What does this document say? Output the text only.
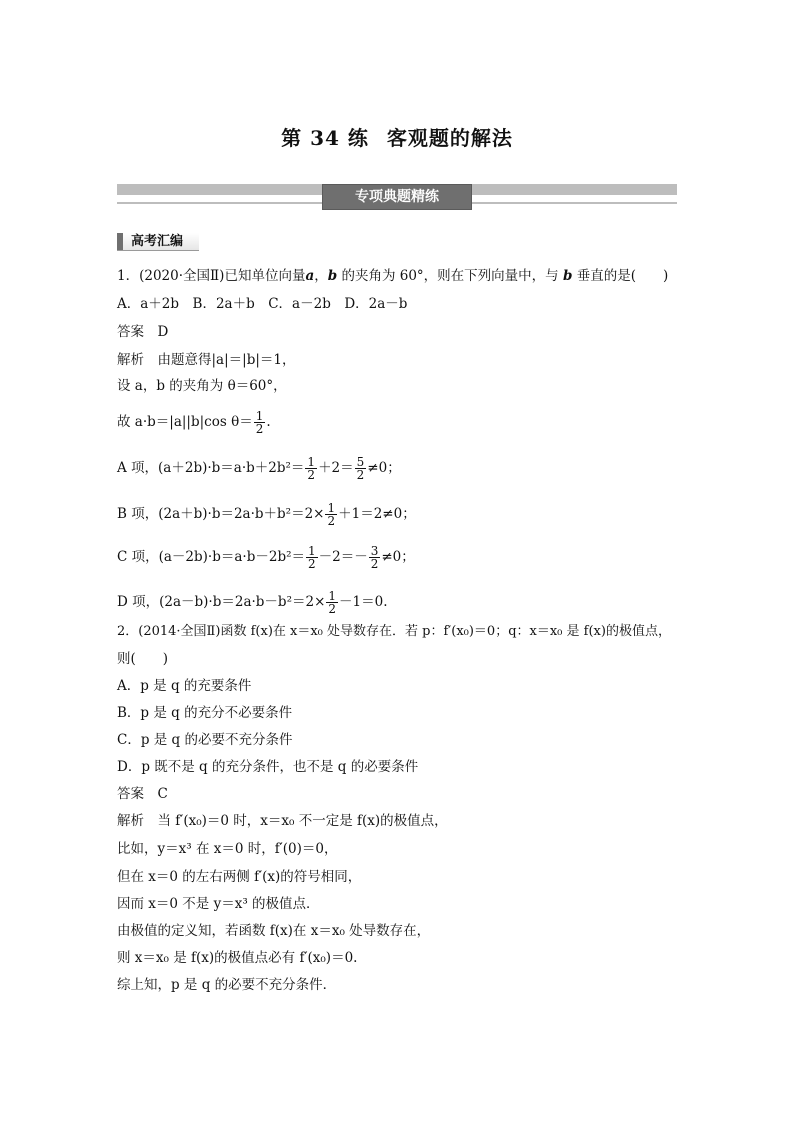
第 34 练 客观题的解法
专项典题精练
高考汇编
1．(2020·全国Ⅱ)已知单位向量a，b 的夹角为 60°，则在下列向量中，与 b 垂直的是(　　 )
A．a＋2b　B．2a＋b　C．a－2b　D．2a－b
答案　 D
解析　 由题意得|a|＝|b|＝1，
设 a，b 的夹角为 θ＝60°，
故 a·b＝|a||b|cos $\theta= \frac{1}{2}$ .
A 项，$(a+2b)\cdot b=a\cdot b+2b^2= \frac{1}{2} +2= \frac{5}{2} \ne 0$；
B 项，$(2a+b)\cdot b=2a\cdot b+b^2=2\times \frac{1}{2} +1=2\ne 0$；
C 项，$(a-2b)\cdot b=a\cdot b-2b^2= \frac{1}{2} -2=- \frac{3}{2} \ne 0$；
D 项，$(2a-b)\cdot b=2a\cdot b-b^2=2\times \frac{1}{2} -1=0$.
2．(2014·全国Ⅱ)函数 f(x)在 x＝x₀ 处导数存在．若 p：f′(x₀)＝0；q：x＝x₀ 是 f(x)的极值点，
则(　　)
A．p 是 q 的充要条件
B．p 是 q 的充分不必要条件
C．p 是 q 的必要不充分条件
D．p 既不是 q 的充分条件，也不是 q 的必要条件
答案　 C
解析　 当 f′(x₀)＝0 时，x＝x₀ 不一定是 f(x)的极值点，
比如，y＝x³ 在 x＝0 时，f′(0)＝0，
但在 x＝0 的左右两侧 f′(x)的符号相同，
因而 x＝0 不是 y＝x³ 的极值点．
由极值的定义知，若函数 f(x)在 x＝x₀ 处导数存在，
则 x＝x₀ 是 f(x)的极值点必有 f′(x₀)＝0.
综上知，p 是 q 的必要不充分条件．
